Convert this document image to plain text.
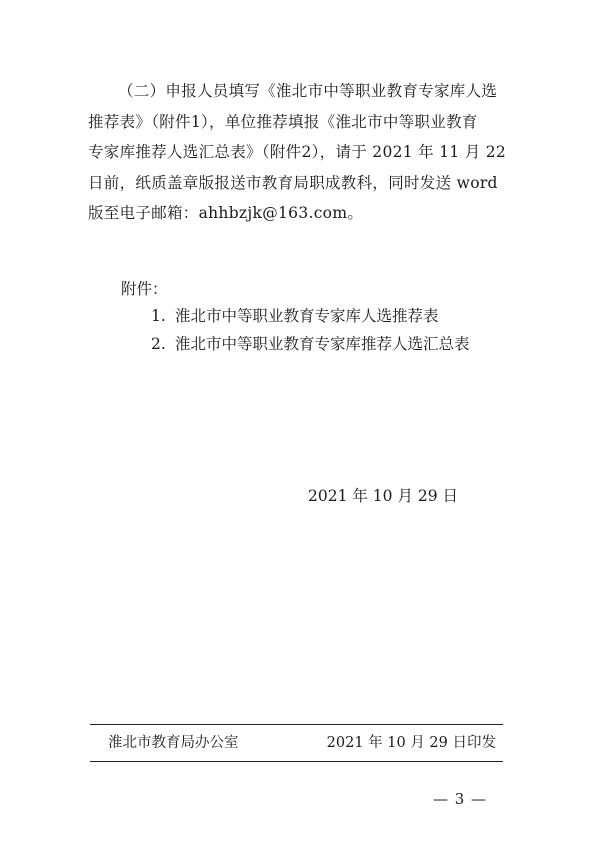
（二）申报人员填写《淮北市中等职业教育专家库人选
推荐表》（附件1），单位推荐填报《淮北市中等职业教育
专家库推荐人选汇总表》（附件2），请于 2021 年 11 月 22
日前，纸质盖章版报送市教育局职成教科，同时发送 word
版至电子邮箱：ahhbzjk@163.com。
附件：
1. 淮北市中等职业教育专家库人选推荐表
2. 淮北市中等职业教育专家库推荐人选汇总表
2021 年 10 月 29 日
淮北市教育局办公室	2021 年 10 月 29 日印发
— 3 —
